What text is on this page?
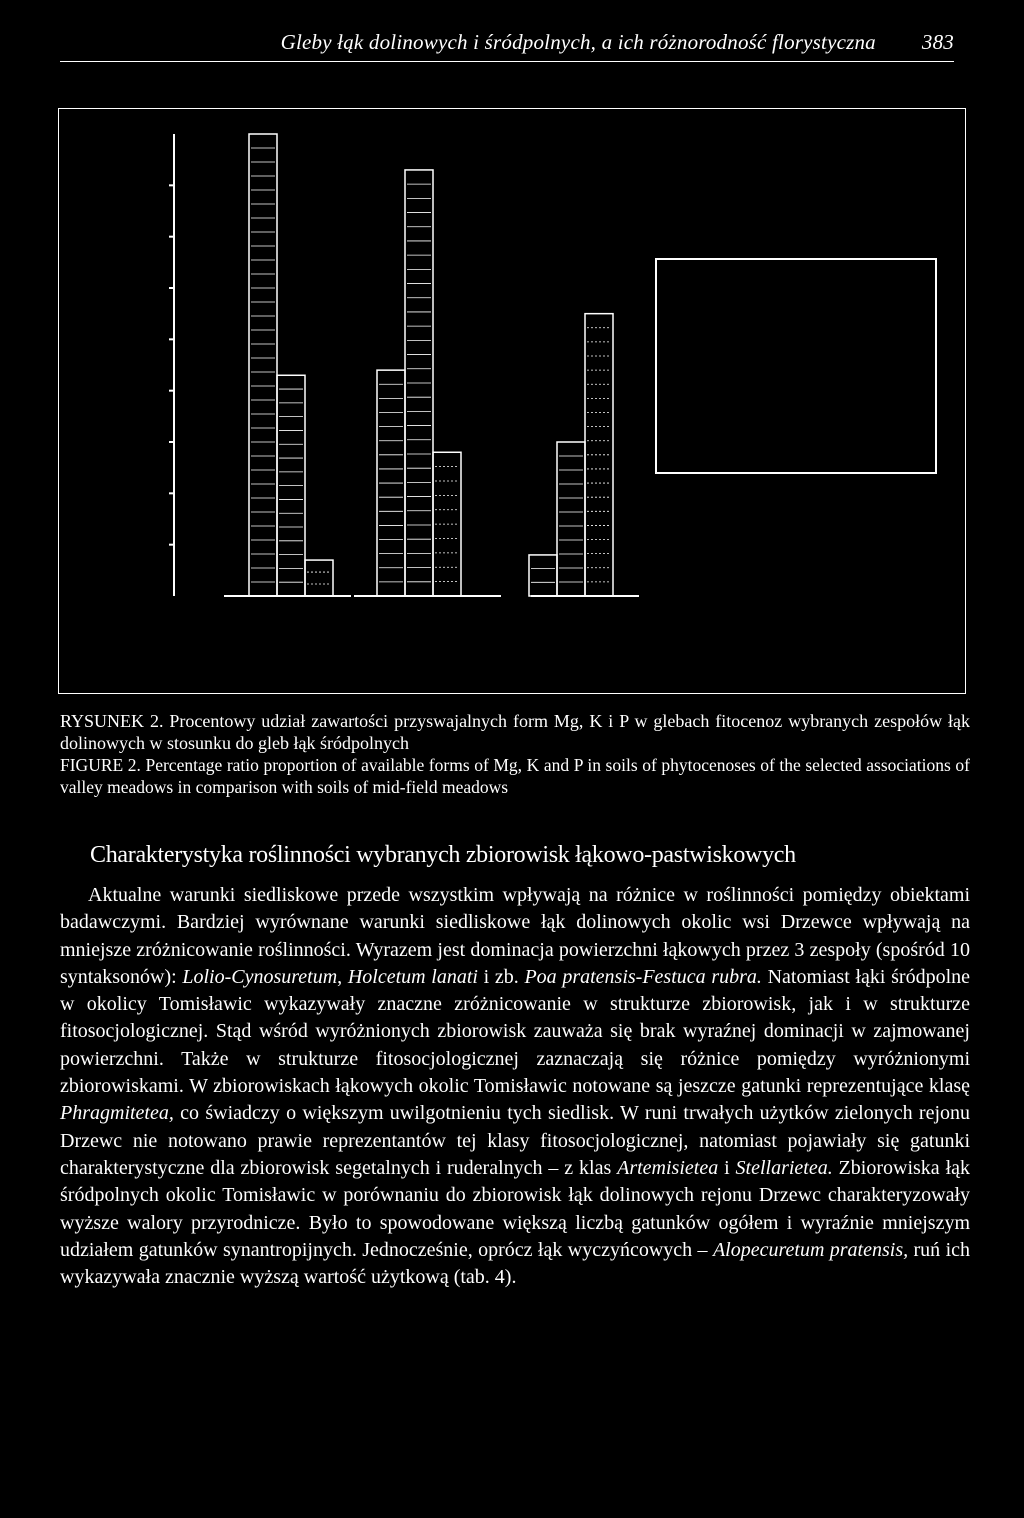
Gleby łąk dolinowych i śródpolnych, a ich różnorodność florystyczna 383

RYSUNEK 2. Procentowy udział zawartości przyswajalnych form Mg, K i P w glebach fitocenoz wybranych zespołów łąk dolinowych w stosunku do gleb łąk śródpolnych

FIGURE 2. Percentage ratio proportion of available forms of Mg, K and P in soils of phytocenoses of the selected associations of valley meadows in comparison with soils of mid-field meadows

Charakterystyka roślinności wybranych zbiorowisk łąkowo-pastwiskowych

Aktualne warunki siedliskowe przede wszystkim wpływają na różnice w roślinności pomiędzy obiektami badawczymi. Bardziej wyrównane warunki siedliskowe łąk dolinowych okolic wsi Drzewce wpływają na mniejsze zróżnicowanie roślinności. Wyrazem jest dominacja powierzchni łąkowych przez 3 zespoły (spośród 10 syntaksonów): Lolio-Cynosuretum, Holcetum lanati i zb. Poa pratensis-Festuca rubra. Natomiast łąki śródpolne w okolicy Tomisławic wykazywały znaczne zróżnicowanie w strukturze zbiorowisk, jak i w strukturze fitosocjologicznej. Stąd wśród wyróżnionych zbiorowisk zauważa się brak wyraźnej dominacji w zajmowanej powierzchni. Także w strukturze fitosocjologicznej zaznaczają się różnice pomiędzy wyróżnionymi zbiorowiskami. W zbiorowiskach łąkowych okolic Tomisławic notowane są jeszcze gatunki reprezentujące klasę Phragmitetea, co świadczy o większym uwilgotnieniu tych siedlisk. W runi trwałych użytków zielonych rejonu Drzewc nie notowano prawie reprezentantów tej klasy fitosocjologicznej, natomiast pojawiały się gatunki charakterystyczne dla zbiorowisk segetalnych i ruderalnych – z klas Artemisietea i Stellarietea. Zbiorowiska łąk śródpolnych okolic Tomisławic w porównaniu do zbiorowisk łąk dolinowych rejonu Drzewc charakteryzowały wyższe walory przyrodnicze. Było to spowodowane większą liczbą gatunków ogółem i wyraźnie mniejszym udziałem gatunków synantropijnych. Jednocześnie, oprócz łąk wyczyńcowych – Alopecuretum pratensis, ruń ich wykazywała znacznie wyższą wartość użytkową (tab. 4).
